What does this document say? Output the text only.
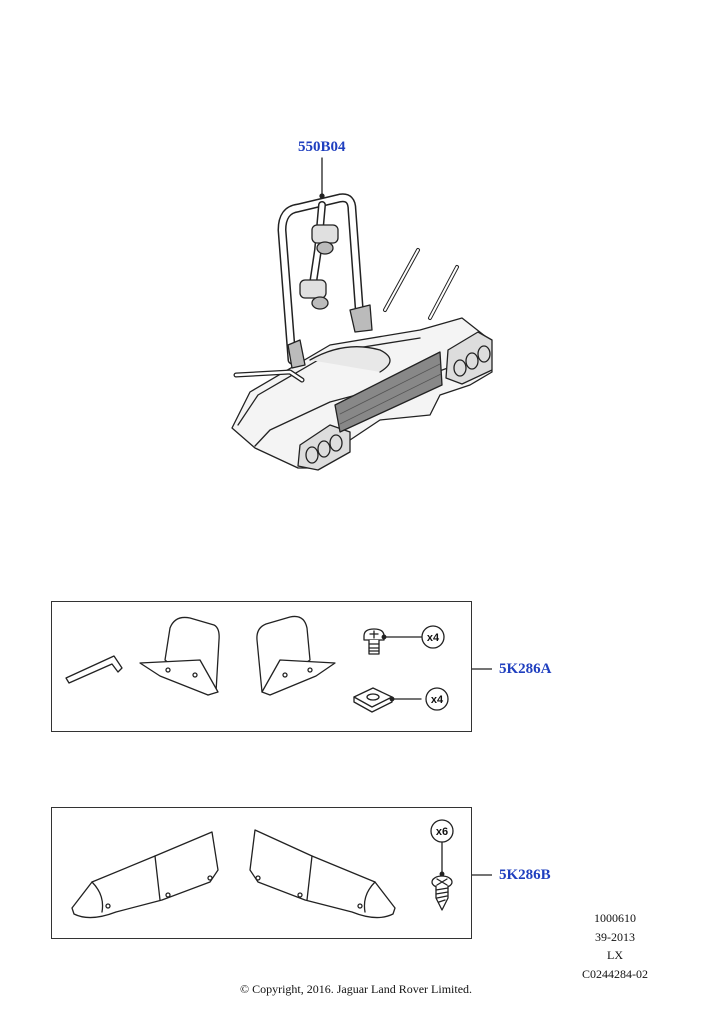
550B04
x4
x4
5K286A
x6
5K286B
1000610
39-2013
LX
C0244284-02
© Copyright, 2016. Jaguar Land Rover Limited.
